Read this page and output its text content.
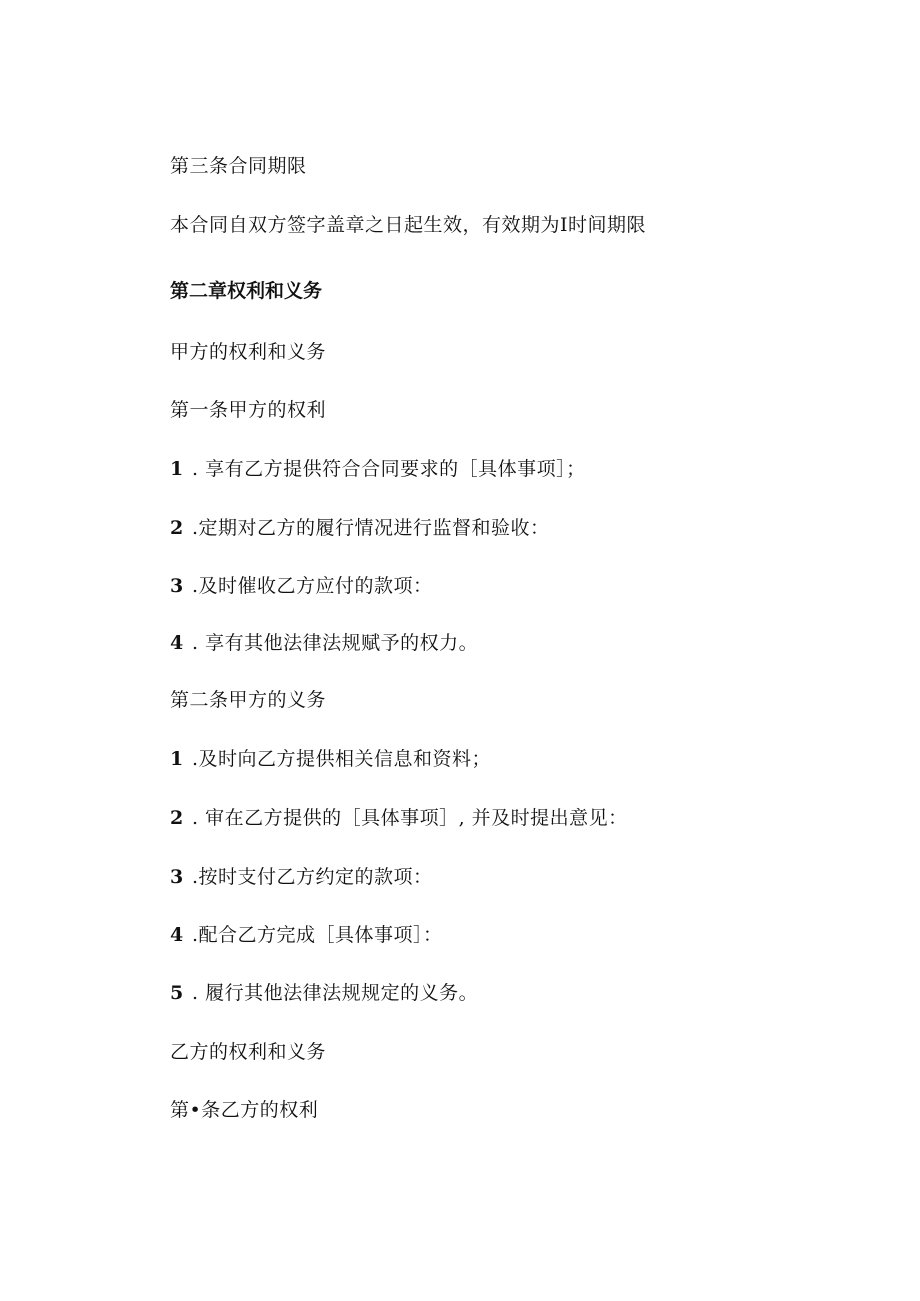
第三条合同期限
本合同自双方签字盖章之日起生效，有效期为I时间期限
第二章权利和义务
甲方的权利和义务
第一条甲方的权利
1 . 享有乙方提供符合合同要求的［具体事项］；
2 .定期对乙方的履行情况进行监督和验收：
3 .及时催收乙方应付的款项：
4 . 享有其他法律法规赋予的权力。
第二条甲方的义务
1 .及时向乙方提供相关信息和资料；
2 . 审在乙方提供的［具体事项］, 并及时提出意见：
3 .按时支付乙方约定的款项：
4 .配合乙方完成［具体事项］：
5 . 履行其他法律法规规定的义务。
乙方的权利和义务
第•条乙方的权利
